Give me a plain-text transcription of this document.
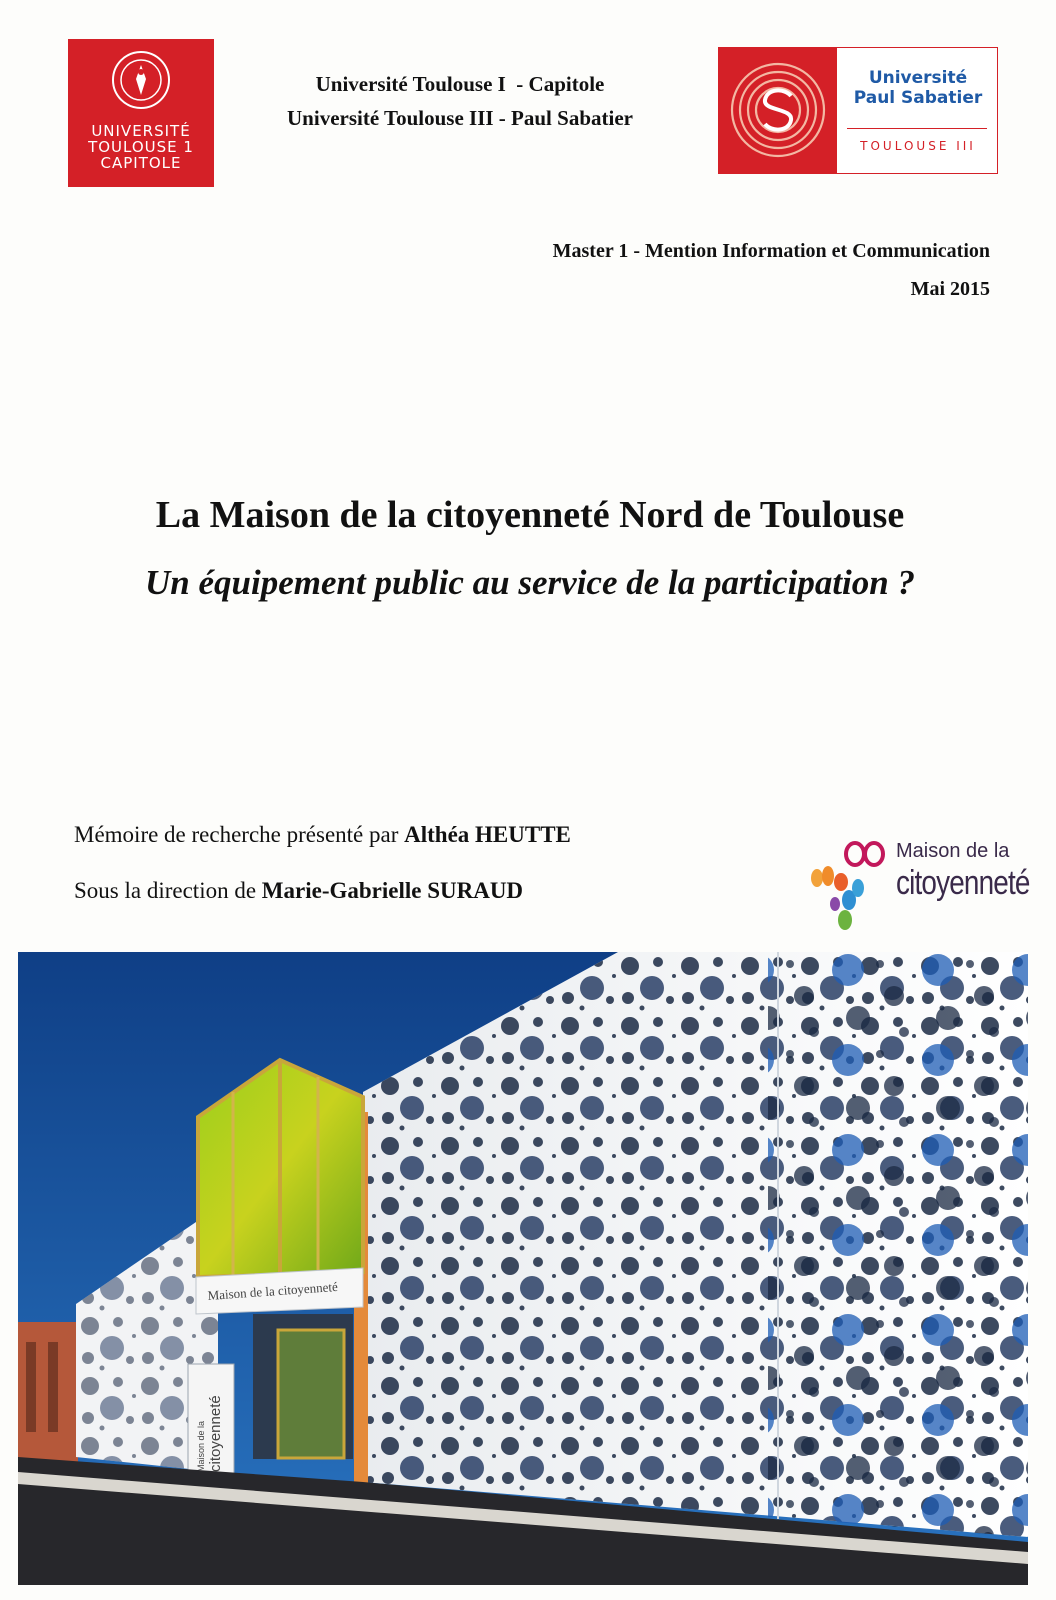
UNIVERSITÉ
TOULOUSE 1
CAPITOLE
Université Toulouse I  - Capitole
Université Toulouse III - Paul Sabatier
Université
Paul Sabatier
TOULOUSE III
Master 1 - Mention Information et Communication
Mai 2015
La Maison de la citoyenneté Nord de Toulouse
Un équipement public au service de la participation ?
Mémoire de recherche présenté par Althéa HEUTTE
Sous la direction de Marie-Gabrielle SURAUD
Maison de la
citoyenneté
Maison de la citoyenneté
Maison de la citoyenneté
